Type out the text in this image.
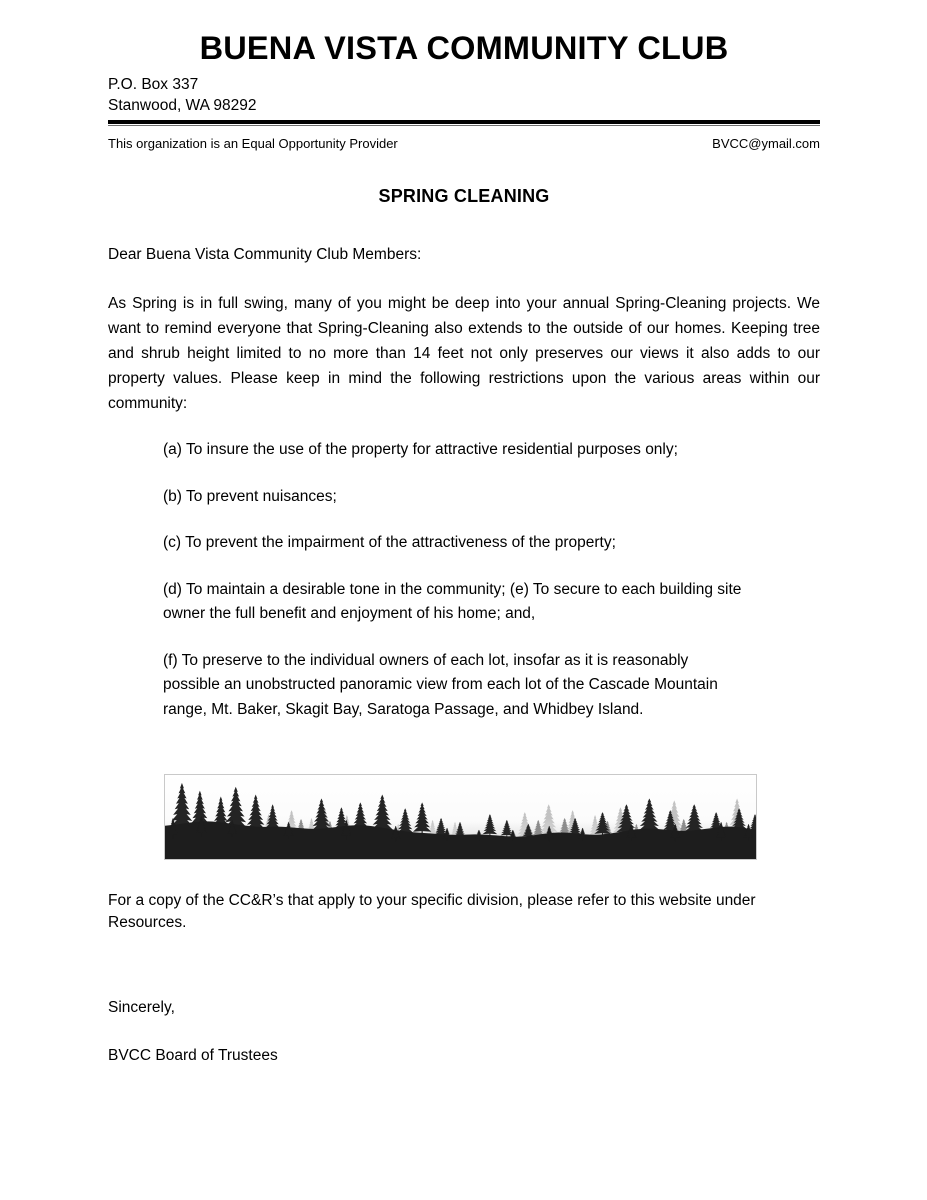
BUENA VISTA COMMUNITY CLUB
P.O. Box 337
Stanwood, WA 98292
This organization is an Equal Opportunity Provider	BVCC@ymail.com
SPRING CLEANING

Dear Buena Vista Community Club Members:

As Spring is in full swing, many of you might be deep into your annual Spring-Cleaning projects. We want to remind everyone that Spring-Cleaning also extends to the outside of our homes. Keeping tree and shrub height limited to no more than 14 feet not only preserves our views it also adds to our property values. Please keep in mind the following restrictions upon the various areas within our community:

(a) To insure the use of the property for attractive residential purposes only;

(b) To prevent nuisances;

(c) To prevent the impairment of the attractiveness of the property;

(d) To maintain a desirable tone in the community; (e) To secure to each building site owner the full benefit and enjoyment of his home; and,

(f) To preserve to the individual owners of each lot, insofar as it is reasonably possible an unobstructed panoramic view from each lot of the Cascade Mountain range, Mt. Baker, Skagit Bay, Saratoga Passage, and Whidbey Island.

For a copy of the CC&R’s that apply to your specific division, please refer to this website under Resources.

Sincerely,

BVCC Board of Trustees
